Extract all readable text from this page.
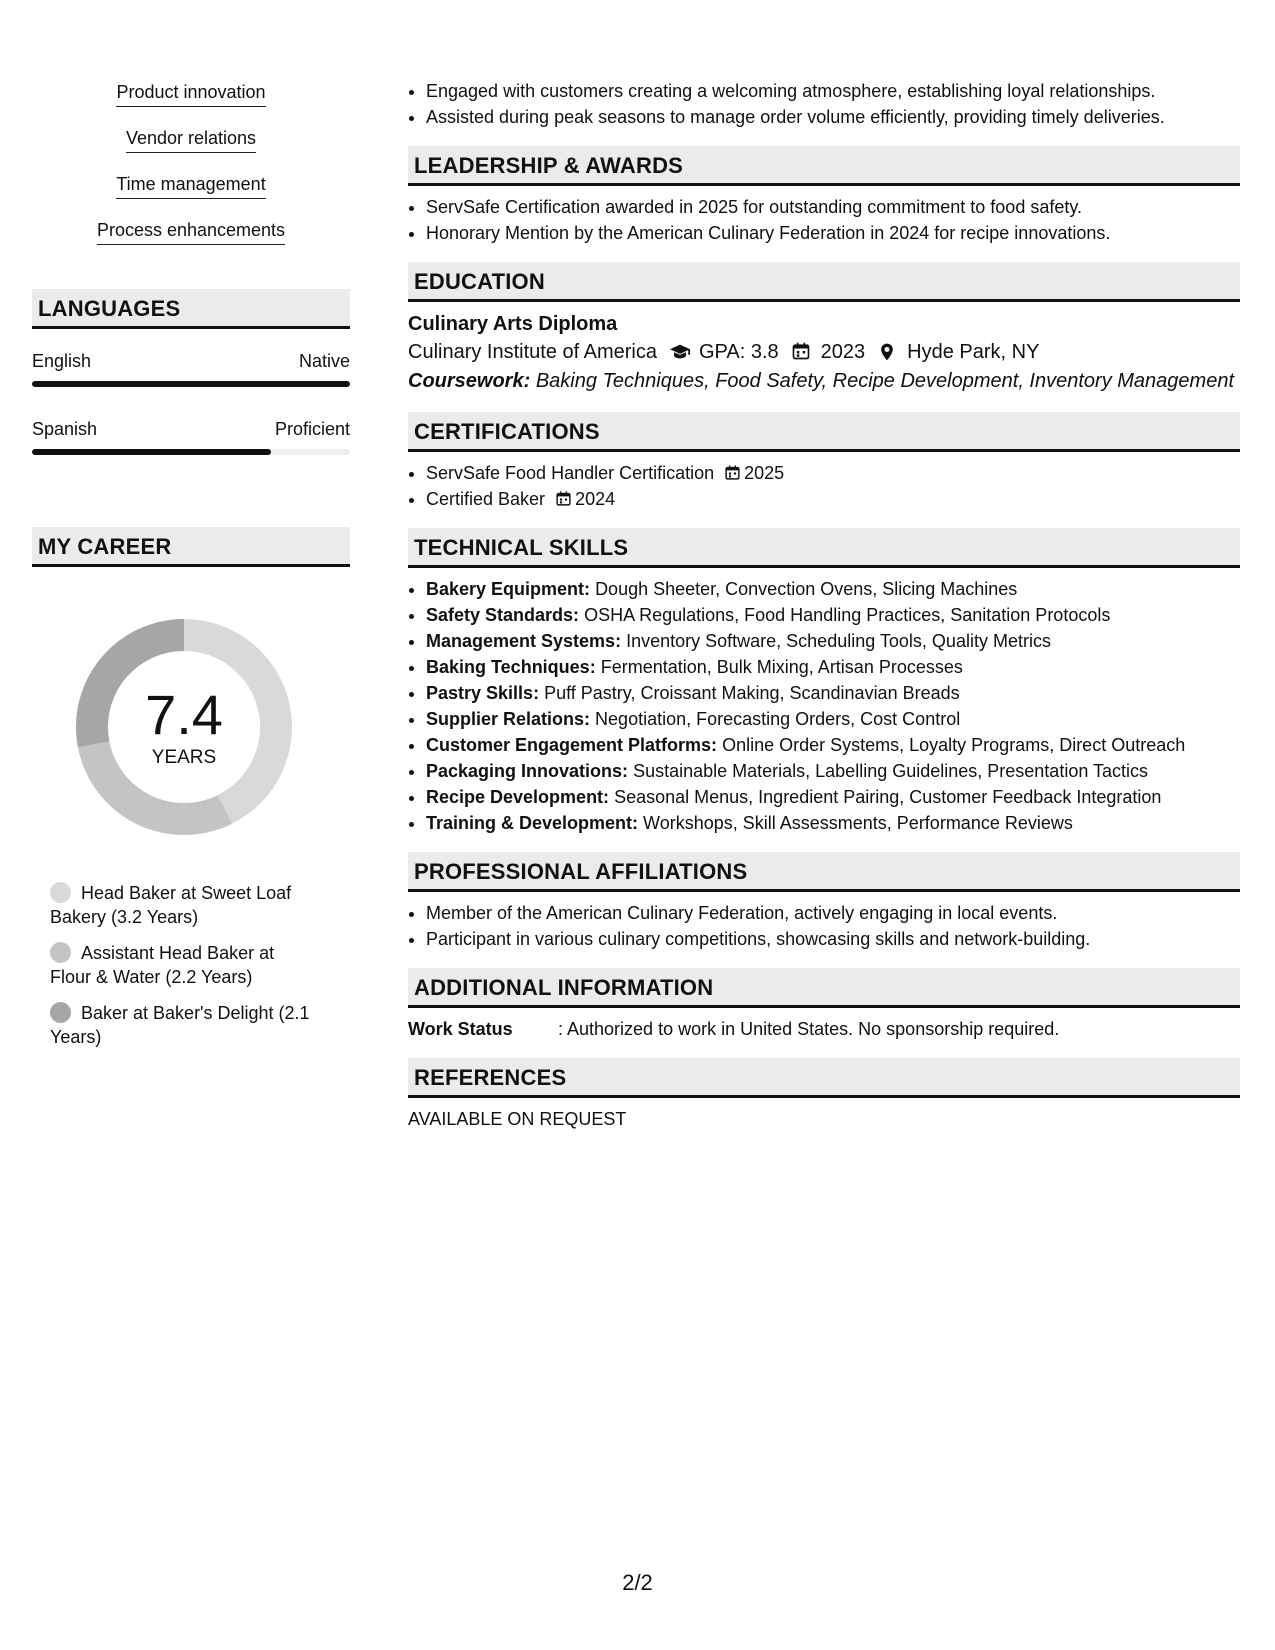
Product innovation
Vendor relations
Time management
Process enhancements
LANGUAGES
English	Native
Spanish	Proficient
MY CAREER
7.4
YEARS
Head Baker at Sweet Loaf Bakery (3.2 Years)
Assistant Head Baker at Flour & Water (2.2 Years)
Baker at Baker's Delight (2.1 Years)
• Engaged with customers creating a welcoming atmosphere, establishing loyal relationships.
• Assisted during peak seasons to manage order volume efficiently, providing timely deliveries.
LEADERSHIP & AWARDS
• ServSafe Certification awarded in 2025 for outstanding commitment to food safety.
• Honorary Mention by the American Culinary Federation in 2024 for recipe innovations.
EDUCATION
Culinary Arts Diploma
Culinary Institute of America GPA: 3.8 2023 Hyde Park, NY
Coursework: Baking Techniques, Food Safety, Recipe Development, Inventory Management
CERTIFICATIONS
• ServSafe Food Handler Certification 2025
• Certified Baker 2024
TECHNICAL SKILLS
• Bakery Equipment: Dough Sheeter, Convection Ovens, Slicing Machines
• Safety Standards: OSHA Regulations, Food Handling Practices, Sanitation Protocols
• Management Systems: Inventory Software, Scheduling Tools, Quality Metrics
• Baking Techniques: Fermentation, Bulk Mixing, Artisan Processes
• Pastry Skills: Puff Pastry, Croissant Making, Scandinavian Breads
• Supplier Relations: Negotiation, Forecasting Orders, Cost Control
• Customer Engagement Platforms: Online Order Systems, Loyalty Programs, Direct Outreach
• Packaging Innovations: Sustainable Materials, Labelling Guidelines, Presentation Tactics
• Recipe Development: Seasonal Menus, Ingredient Pairing, Customer Feedback Integration
• Training & Development: Workshops, Skill Assessments, Performance Reviews
PROFESSIONAL AFFILIATIONS
• Member of the American Culinary Federation, actively engaging in local events.
• Participant in various culinary competitions, showcasing skills and network-building.
ADDITIONAL INFORMATION
Work Status	: Authorized to work in United States. No sponsorship required.
REFERENCES
AVAILABLE ON REQUEST
2/2
